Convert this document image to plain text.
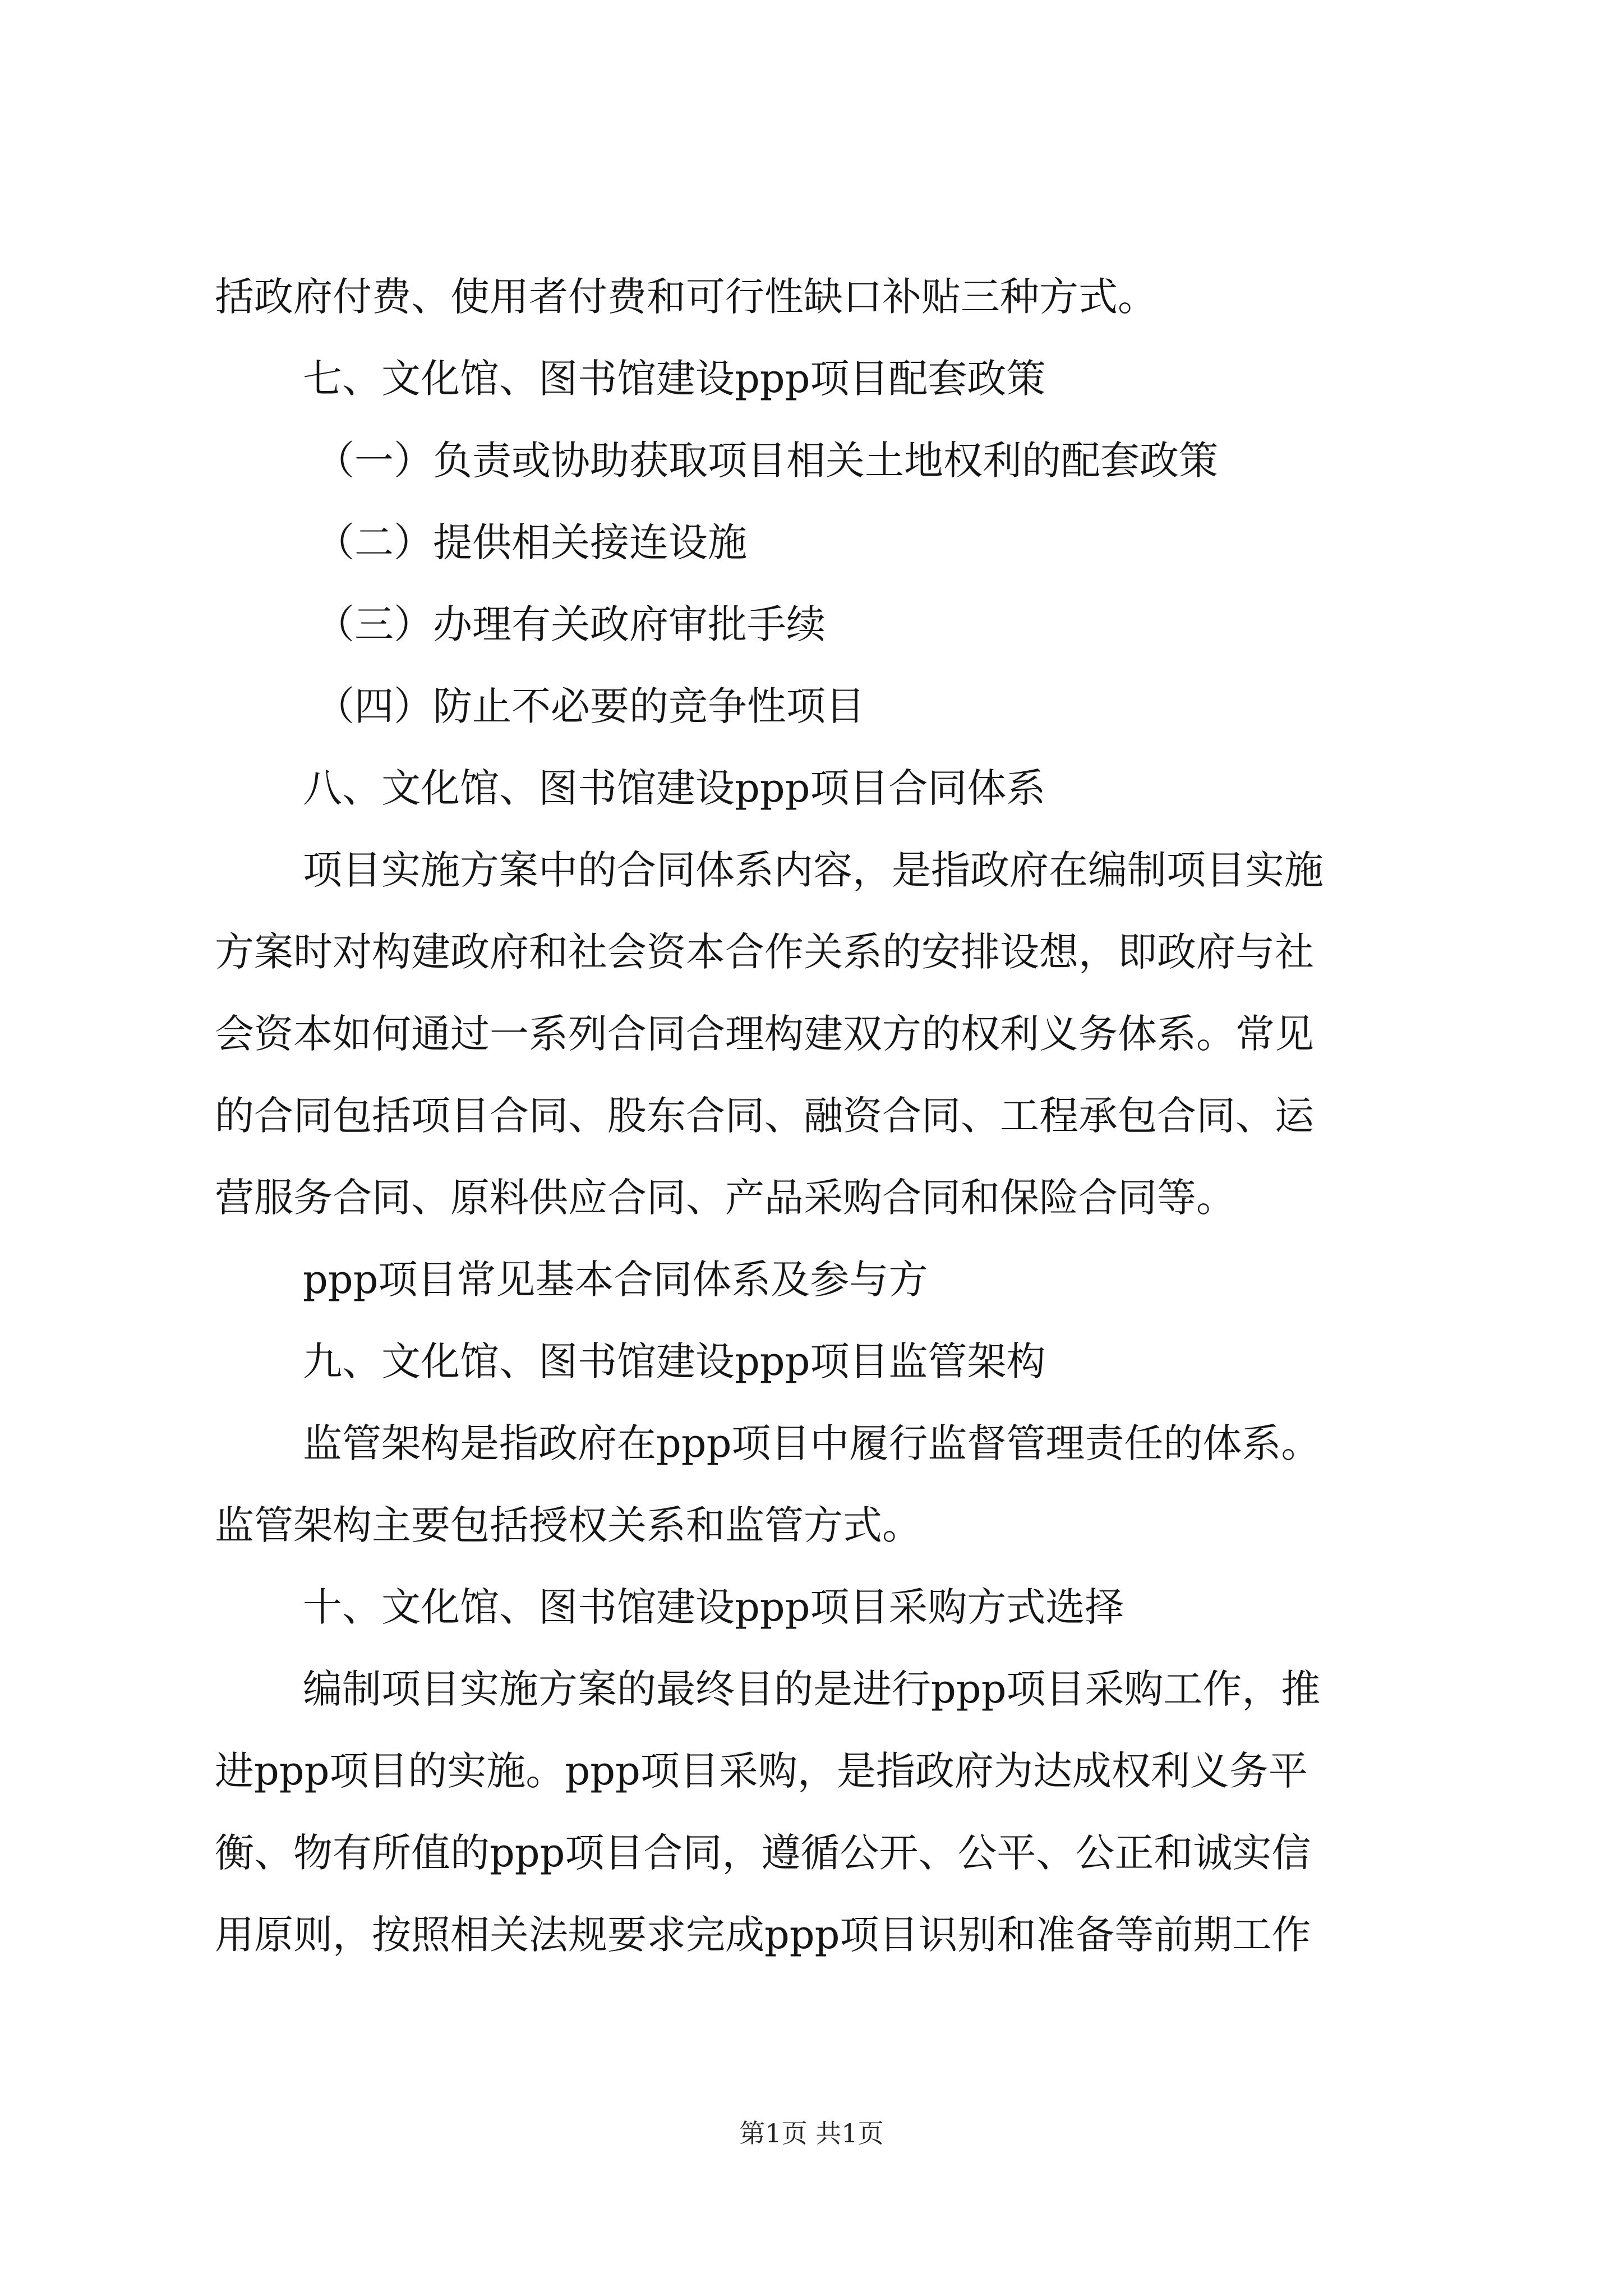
括政府付费、使用者付费和可行性缺口补贴三种方式。
七、文化馆、图书馆建设ppp项目配套政策
（一）负责或协助获取项目相关土地权利的配套政策
（二）提供相关接连设施
（三）办理有关政府审批手续
（四）防止不必要的竞争性项目
八、文化馆、图书馆建设ppp项目合同体系
项目实施方案中的合同体系内容，是指政府在编制项目实施
方案时对构建政府和社会资本合作关系的安排设想，即政府与社
会资本如何通过一系列合同合理构建双方的权利义务体系。常见
的合同包括项目合同、股东合同、融资合同、工程承包合同、运
营服务合同、原料供应合同、产品采购合同和保险合同等。
ppp项目常见基本合同体系及参与方
九、文化馆、图书馆建设ppp项目监管架构
监管架构是指政府在ppp项目中履行监督管理责任的体系。
监管架构主要包括授权关系和监管方式。
十、文化馆、图书馆建设ppp项目采购方式选择
编制项目实施方案的最终目的是进行ppp项目采购工作，推
进ppp项目的实施。ppp项目采购，是指政府为达成权利义务平
衡、物有所值的ppp项目合同，遵循公开、公平、公正和诚实信
用原则，按照相关法规要求完成ppp项目识别和准备等前期工作
第1页 共1页
